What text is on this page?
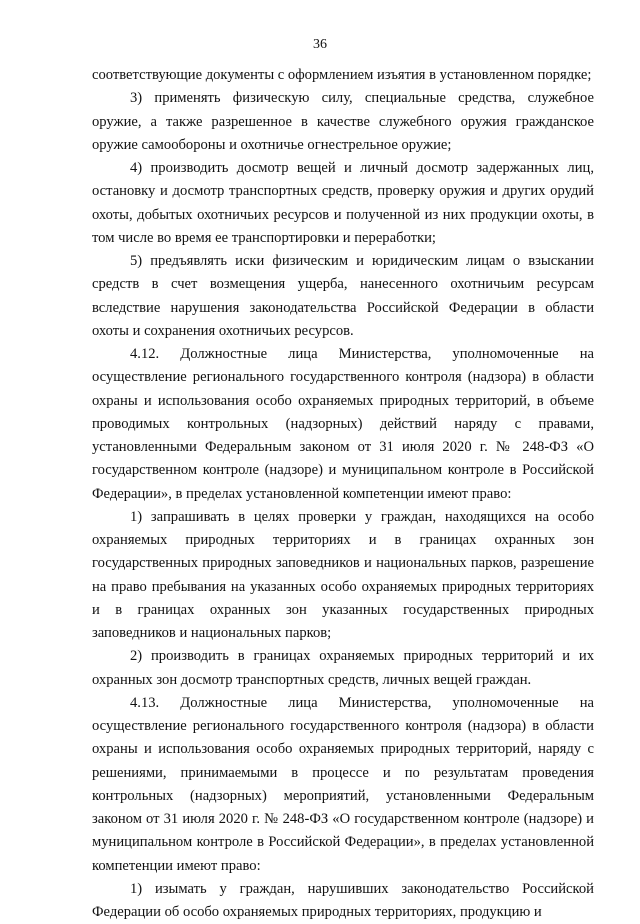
36

соответствующие документы с оформлением изъятия в установленном порядке;

3) применять физическую силу, специальные средства, служебное оружие, а также разрешенное в качестве служебного оружия гражданское оружие самообороны и охотничье огнестрельное оружие;

4) производить досмотр вещей и личный досмотр задержанных лиц, остановку и досмотр транспортных средств, проверку оружия и других орудий охоты, добытых охотничьих ресурсов и полученной из них продукции охоты, в том числе во время ее транспортировки и переработки;

5) предъявлять иски физическим и юридическим лицам о взыскании средств в счет возмещения ущерба, нанесенного охотничьим ресурсам вследствие нарушения законодательства Российской Федерации в области охоты и сохранения охотничьих ресурсов.

4.12. Должностные лица Министерства, уполномоченные на осуществление регионального государственного контроля (надзора) в области охраны и использования особо охраняемых природных территорий, в объеме проводимых контрольных (надзорных) действий наряду с правами, установленными Федеральным законом от 31 июля 2020 г. № 248-ФЗ «О государственном контроле (надзоре) и муниципальном контроле в Российской Федерации», в пределах установленной компетенции имеют право:

1) запрашивать в целях проверки у граждан, находящихся на особо охраняемых природных территориях и в границах охранных зон государственных природных заповедников и национальных парков, разрешение на право пребывания на указанных особо охраняемых природных территориях и в границах охранных зон указанных государственных природных заповедников и национальных парков;

2) производить в границах охраняемых природных территорий и их охранных зон досмотр транспортных средств, личных вещей граждан.

4.13. Должностные лица Министерства, уполномоченные на осуществление регионального государственного контроля (надзора) в области охраны и использования особо охраняемых природных территорий, наряду с решениями, принимаемыми в процессе и по результатам проведения контрольных (надзорных) мероприятий, установленными Федеральным законом от 31 июля 2020 г. № 248-ФЗ «О государственном контроле (надзоре) и муниципальном контроле в Российской Федерации», в пределах установленной компетенции имеют право:

1) изымать у граждан, нарушивших законодательство Российской Федерации об особо охраняемых природных территориях, продукцию и
